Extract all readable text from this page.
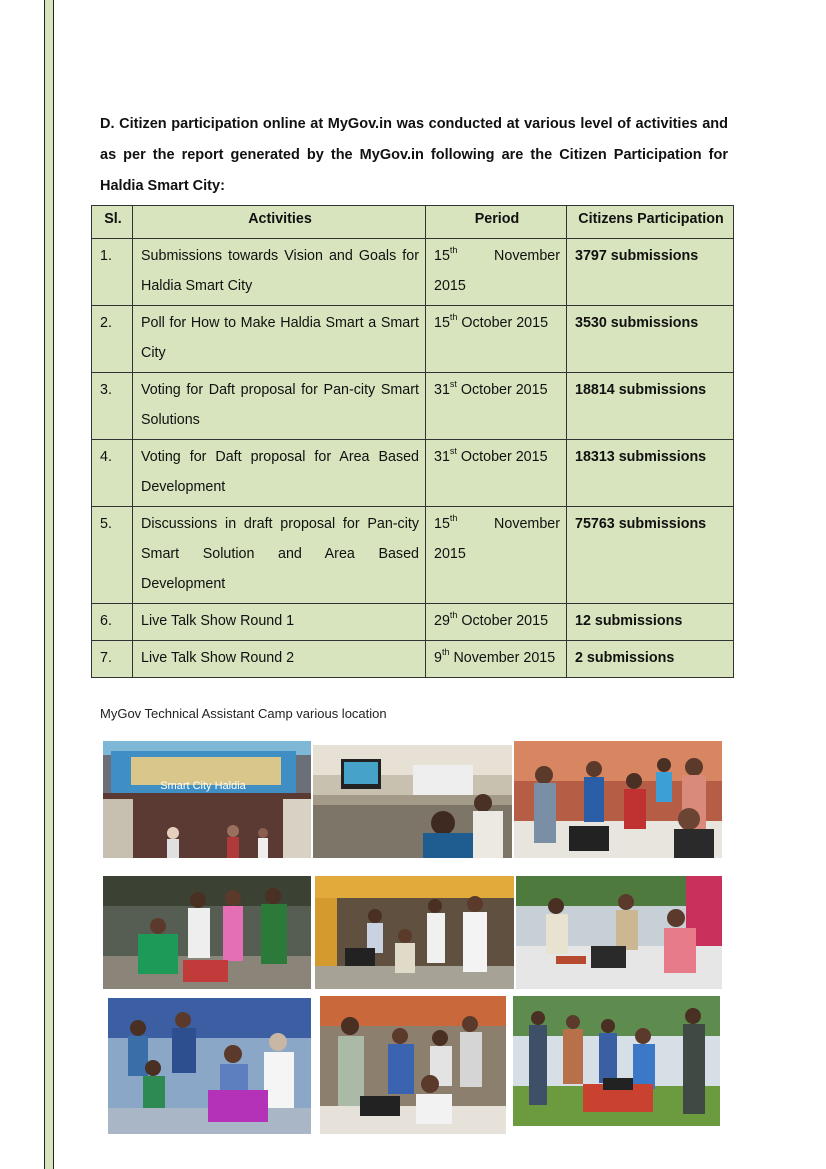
D. Citizen participation online at MyGov.in was conducted at various level of activities and as per the report generated by the MyGov.in following are the Citizen Participation for Haldia Smart City:

Sl.	Activities	Period	Citizens Participation
1.	Submissions towards Vision and Goals for Haldia Smart City	15th November 2015	3797 submissions
2.	Poll for How to Make Haldia Smart a Smart City	15th October 2015	3530 submissions
3.	Voting for Daft proposal for Pan-city Smart Solutions	31st October 2015	18814 submissions
4.	Voting for Daft proposal for Area Based Development	31st October 2015	18313 submissions
5.	Discussions in draft proposal for Pan-city Smart Solution and Area Based Development	15th November 2015	75763 submissions
6.	Live Talk Show Round 1	29th October 2015	12 submissions
7.	Live Talk Show Round 2	9th November 2015	2 submissions
MyGov Technical Assistant Camp various location
Smart City Haldia
